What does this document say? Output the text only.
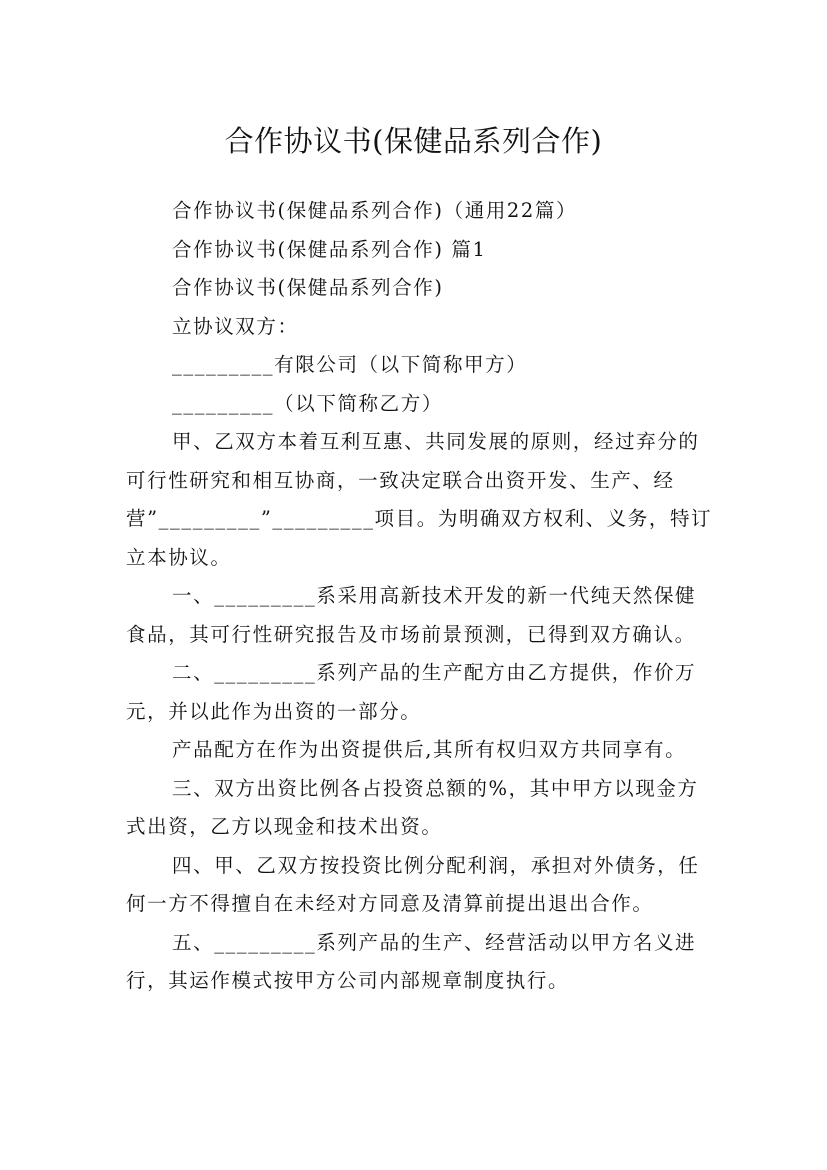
合作协议书(保健品系列合作)

合作协议书(保健品系列合作)（通用22篇）

合作协议书(保健品系列合作) 篇1

合作协议书(保健品系列合作)

立协议双方：

_________有限公司（以下简称甲方）

_________（以下简称乙方）

甲、乙双方本着互利互惠、共同发展的原则，经过弃分的可行性研究和相互协商，一致决定联合出资开发、生产、经营”_________”_________项目。为明确双方权利、义务，特订立本协议。

一、_________系采用高新技术开发的新一代纯天然保健食品，其可行性研究报告及市场前景预测，已得到双方确认。

二、_________系列产品的生产配方由乙方提供，作价万元，并以此作为出资的一部分。

产品配方在作为出资提供后,其所有权归双方共同享有。

三、双方出资比例各占投资总额的%，其中甲方以现金方式出资，乙方以现金和技术出资。

四、甲、乙双方按投资比例分配利润，承担对外债务，任何一方不得擅自在未经对方同意及清算前提出退出合作。

五、_________系列产品的生产、经营活动以甲方名义进行，其运作模式按甲方公司内部规章制度执行。
